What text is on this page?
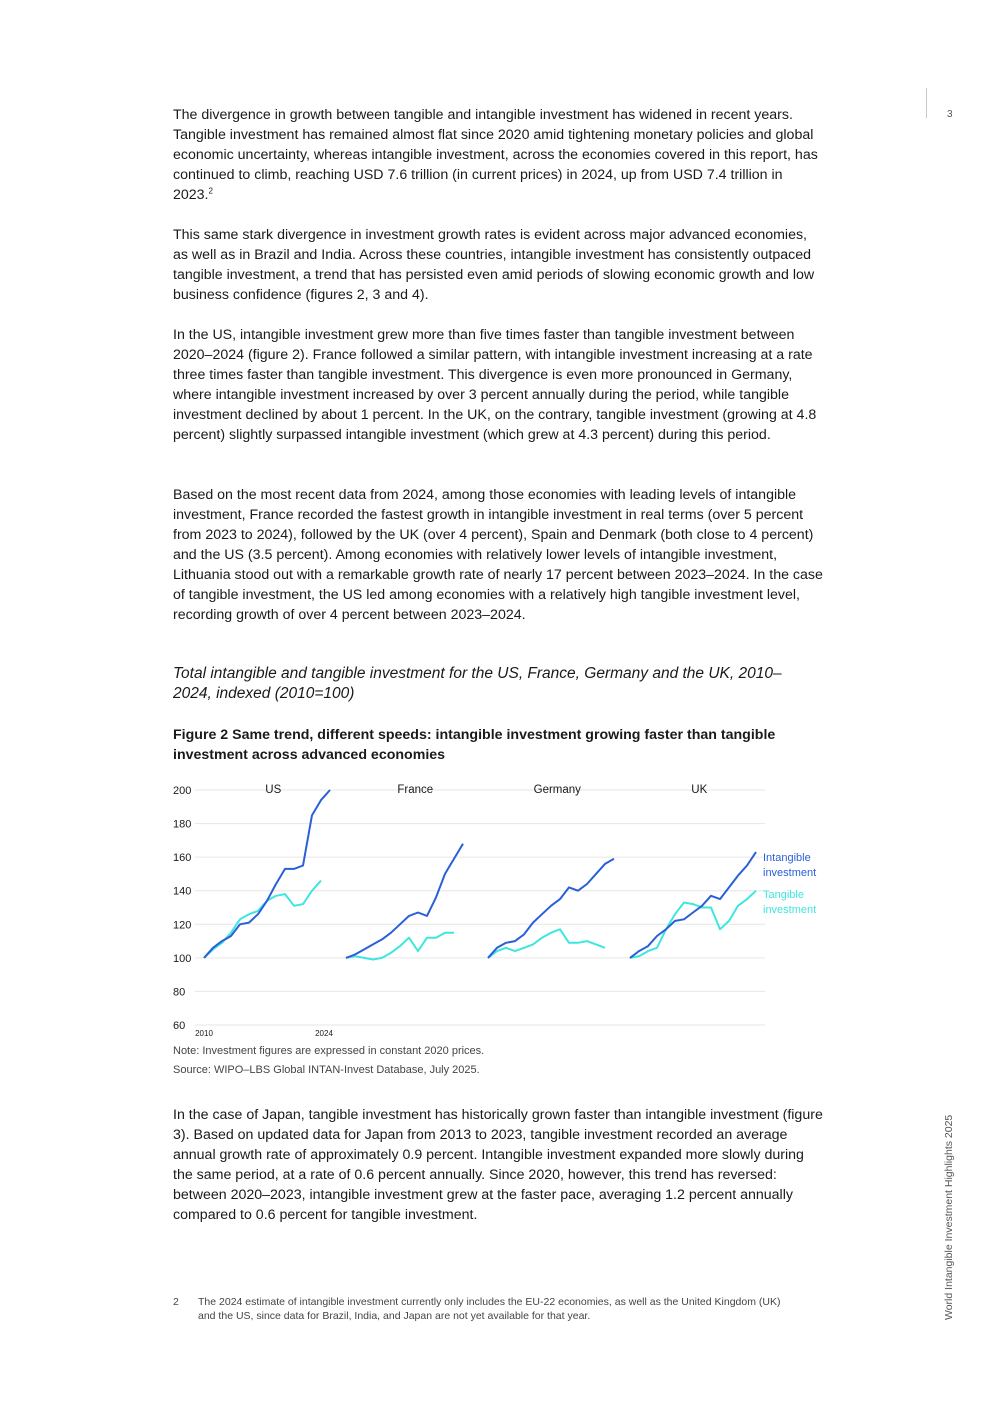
3
World Intangible Investment Highlights 2025

The divergence in growth between tangible and intangible investment has widened in recent years. Tangible investment has remained almost flat since 2020 amid tightening monetary policies and global economic uncertainty, whereas intangible investment, across the economies covered in this report, has continued to climb, reaching USD 7.6 trillion (in current prices) in 2024, up from USD 7.4 trillion in 2023.$^2$

This same stark divergence in investment growth rates is evident across major advanced economies, as well as in Brazil and India. Across these countries, intangible investment has consistently outpaced tangible investment, a trend that has persisted even amid periods of slowing economic growth and low business confidence (figures 2, 3 and 4).

In the US, intangible investment grew more than five times faster than tangible investment between 2020–2024 (figure 2). France followed a similar pattern, with intangible investment increasing at a rate three times faster than tangible investment. This divergence is even more pronounced in Germany, where intangible investment increased by over 3 percent annually during the period, while tangible investment declined by about 1 percent. In the UK, on the contrary, tangible investment (growing at 4.8 percent) slightly surpassed intangible investment (which grew at 4.3 percent) during this period.

Based on the most recent data from 2024, among those economies with leading levels of intangible investment, France recorded the fastest growth in intangible investment in real terms (over 5 percent from 2023 to 2024), followed by the UK (over 4 percent), Spain and Denmark (both close to 4 percent) and the US (3.5 percent). Among economies with relatively lower levels of intangible investment, Lithuania stood out with a remarkable growth rate of nearly 17 percent between 2023–2024. In the case of tangible investment, the US led among economies with a relatively high tangible investment level, recording growth of over 4 percent between 2023–2024.

Total intangible and tangible investment for the US, France, Germany and the UK, 2010–2024, indexed (2010=100)

Figure 2 Same trend, different speeds: intangible investment growing faster than tangible investment across advanced economies

200
180
160
140
120
100
80
60
US
2010	2024
France	Germany	UK
Intangible investment
Tangible investment

Note: Investment figures are expressed in constant 2020 prices.

Source: WIPO–LBS Global INTAN-Invest Database, July 2025.

In the case of Japan, tangible investment has historically grown faster than intangible investment (figure 3). Based on updated data for Japan from 2013 to 2023, tangible investment recorded an average annual growth rate of approximately 0.9 percent. Intangible investment expanded more slowly during the same period, at a rate of 0.6 percent annually. Since 2020, however, this trend has reversed: between 2020–2023, intangible investment grew at the faster pace, averaging 1.2 percent annually compared to 0.6 percent for tangible investment.

2 The 2024 estimate of intangible investment currently only includes the EU-22 economies, as well as the United Kingdom (UK) and the US, since data for Brazil, India, and Japan are not yet available for that year.
